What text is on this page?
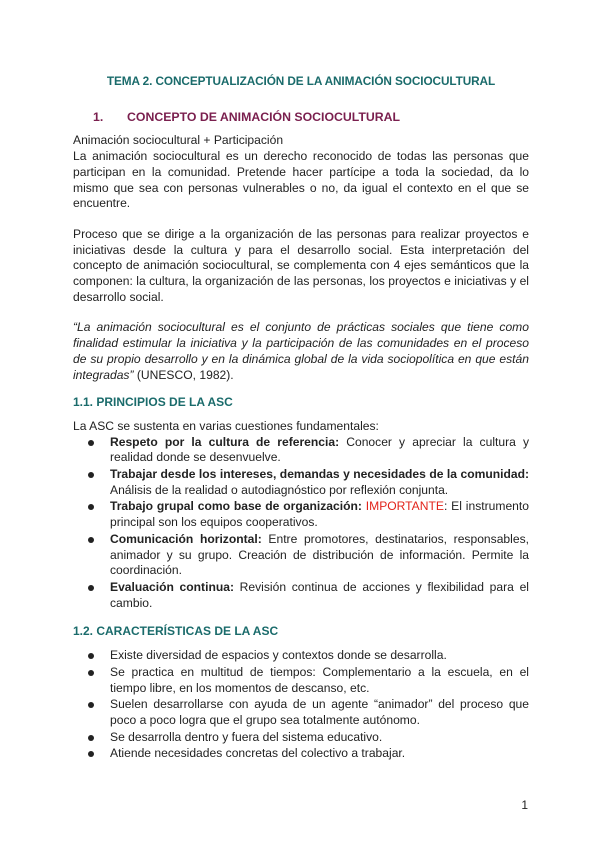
TEMA 2. CONCEPTUALIZACIÓN DE LA ANIMACIÓN SOCIOCULTURAL
1.	CONCEPTO DE ANIMACIÓN SOCIOCULTURAL

Animación sociocultural + Participación

La animación sociocultural es un derecho reconocido de todas las personas que participan en la comunidad. Pretende hacer partícipe a toda la sociedad, da lo mismo que sea con personas vulnerables o no, da igual el contexto en el que se encuentre.

Proceso que se dirige a la organización de las personas para realizar proyectos e iniciativas desde la cultura y para el desarrollo social. Esta interpretación del concepto de animación sociocultural, se complementa con 4 ejes semánticos que la componen: la cultura, la organización de las personas, los proyectos e iniciativas y el desarrollo social.

“La animación sociocultural es el conjunto de prácticas sociales que tiene como finalidad estimular la iniciativa y la participación de las comunidades en el proceso de su propio desarrollo y en la dinámica global de la vida sociopolítica en que están integradas” (UNESCO, 1982).

1.1. PRINCIPIOS DE LA ASC

La ASC se sustenta en varias cuestiones fundamentales:

Respeto por la cultura de referencia: Conocer y apreciar la cultura y realidad donde se desenvuelve.
Trabajar desde los intereses, demandas y necesidades de la comunidad: Análisis de la realidad o autodiagnóstico por reflexión conjunta.
Trabajo grupal como base de organización: IMPORTANTE: El instrumento principal son los equipos cooperativos.
Comunicación horizontal: Entre promotores, destinatarios, responsables, animador y su grupo. Creación de distribución de información. Permite la coordinación.
Evaluación continua: Revisión continua de acciones y flexibilidad para el cambio.
1.2. CARACTERÍSTICAS DE LA ASC
Existe diversidad de espacios y contextos donde se desarrolla.
Se practica en multitud de tiempos: Complementario a la escuela, en el tiempo libre, en los momentos de descanso, etc.
Suelen desarrollarse con ayuda de un agente “animador” del proceso que poco a poco logra que el grupo sea totalmente autónomo.
Se desarrolla dentro y fuera del sistema educativo.
Atiende necesidades concretas del colectivo a trabajar.
1
